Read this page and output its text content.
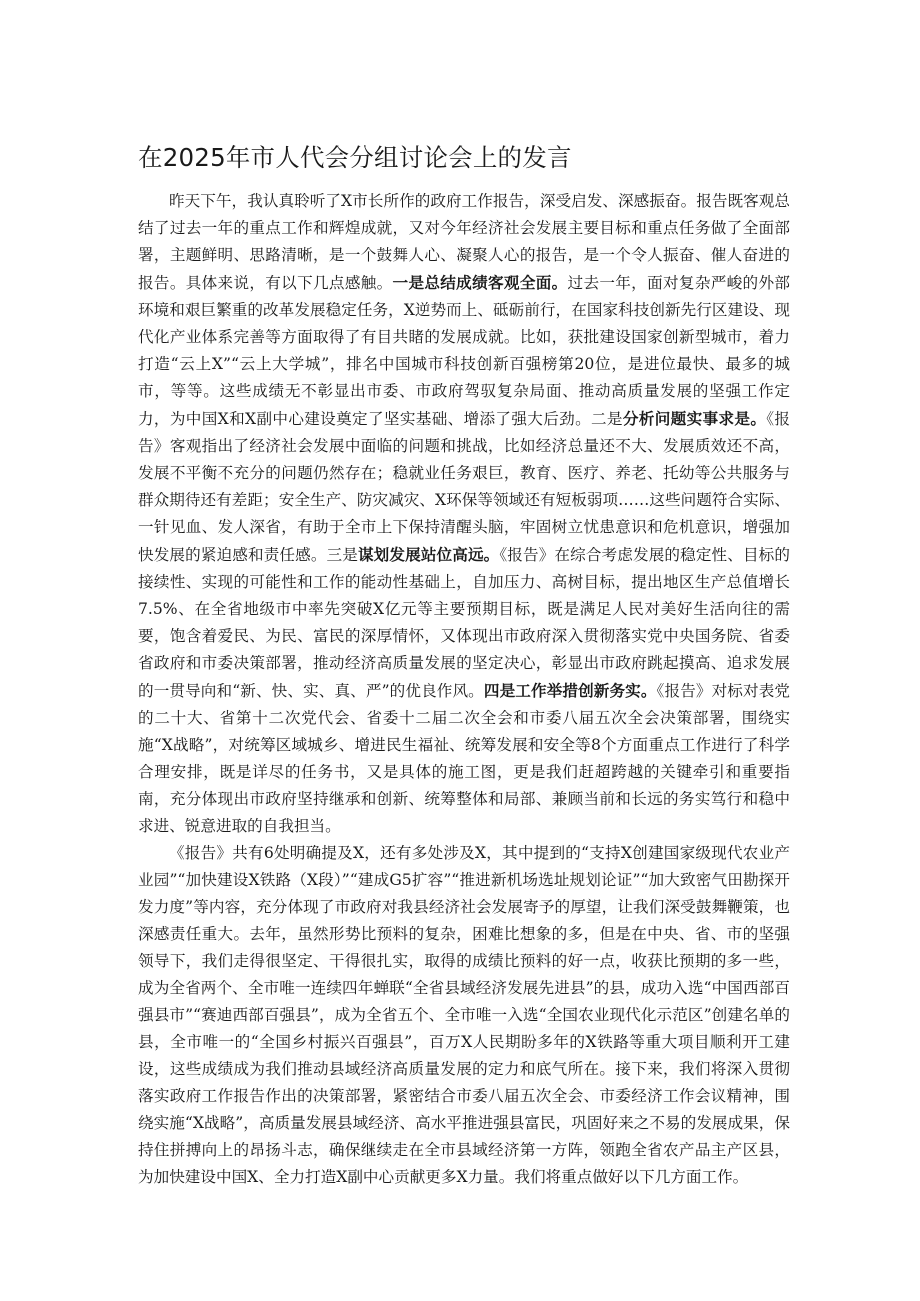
在2025年市人代会分组讨论会上的发言

昨天下午，我认真聆听了X市长所作的政府工作报告，深受启发、深感振奋。报告既客观总结了过去一年的重点工作和辉煌成就，又对今年经济社会发展主要目标和重点任务做了全面部署，主题鲜明、思路清晰，是一个鼓舞人心、凝聚人心的报告，是一个令人振奋、催人奋进的报告。具体来说，有以下几点感触。一是总结成绩客观全面。过去一年，面对复杂严峻的外部环境和艰巨繁重的改革发展稳定任务，X逆势而上、砥砺前行，在国家科技创新先行区建设、现代化产业体系完善等方面取得了有目共睹的发展成就。比如，获批建设国家创新型城市，着力打造“云上X”“云上大学城”，排名中国城市科技创新百强榜第20位，是进位最快、最多的城市，等等。这些成绩无不彰显出市委、市政府驾驭复杂局面、推动高质量发展的坚强工作定力，为中国X和X副中心建设奠定了坚实基础、增添了强大后劲。二是分析问题实事求是。《报告》客观指出了经济社会发展中面临的问题和挑战，比如经济总量还不大、发展质效还不高，发展不平衡不充分的问题仍然存在；稳就业任务艰巨，教育、医疗、养老、托幼等公共服务与群众期待还有差距；安全生产、防灾减灾、X环保等领域还有短板弱项……这些问题符合实际、一针见血、发人深省，有助于全市上下保持清醒头脑，牢固树立忧患意识和危机意识，增强加快发展的紧迫感和责任感。三是谋划发展站位高远。《报告》在综合考虑发展的稳定性、目标的接续性、实现的可能性和工作的能动性基础上，自加压力、高树目标，提出地区生产总值增长7.5%、在全省地级市中率先突破X亿元等主要预期目标，既是满足人民对美好生活向往的需要，饱含着爱民、为民、富民的深厚情怀，又体现出市政府深入贯彻落实党中央国务院、省委省政府和市委决策部署，推动经济高质量发展的坚定决心，彰显出市政府跳起摸高、追求发展的一贯导向和“新、快、实、真、严”的优良作风。四是工作举措创新务实。《报告》对标对表党的二十大、省第十二次党代会、省委十二届二次全会和市委八届五次全会决策部署，围绕实施“X战略”，对统筹区域城乡、增进民生福祉、统筹发展和安全等8个方面重点工作进行了科学合理安排，既是详尽的任务书，又是具体的施工图，更是我们赶超跨越的关键牵引和重要指南，充分体现出市政府坚持继承和创新、统筹整体和局部、兼顾当前和长远的务实笃行和稳中求进、锐意进取的自我担当。

《报告》共有6处明确提及X，还有多处涉及X，其中提到的“支持X创建国家级现代农业产业园”“加快建设X铁路（X段）”“建成G5扩容”“推进新机场选址规划论证”“加大致密气田勘探开发力度”等内容，充分体现了市政府对我县经济社会发展寄予的厚望，让我们深受鼓舞鞭策，也深感责任重大。去年，虽然形势比预料的复杂，困难比想象的多，但是在中央、省、市的坚强领导下，我们走得很坚定、干得很扎实，取得的成绩比预料的好一点，收获比预期的多一些，成为全省两个、全市唯一连续四年蝉联“全省县域经济发展先进县”的县，成功入选“中国西部百强县市”“赛迪西部百强县”，成为全省五个、全市唯一入选“全国农业现代化示范区”创建名单的县，全市唯一的“全国乡村振兴百强县”，百万X人民期盼多年的X铁路等重大项目顺利开工建设，这些成绩成为我们推动县域经济高质量发展的定力和底气所在。接下来，我们将深入贯彻落实政府工作报告作出的决策部署，紧密结合市委八届五次全会、市委经济工作会议精神，围绕实施“X战略”，高质量发展县域经济、高水平推进强县富民，巩固好来之不易的发展成果，保持住拼搏向上的昂扬斗志，确保继续走在全市县域经济第一方阵，领跑全省农产品主产区县，为加快建设中国X、全力打造X副中心贡献更多X力量。我们将重点做好以下几方面工作。
